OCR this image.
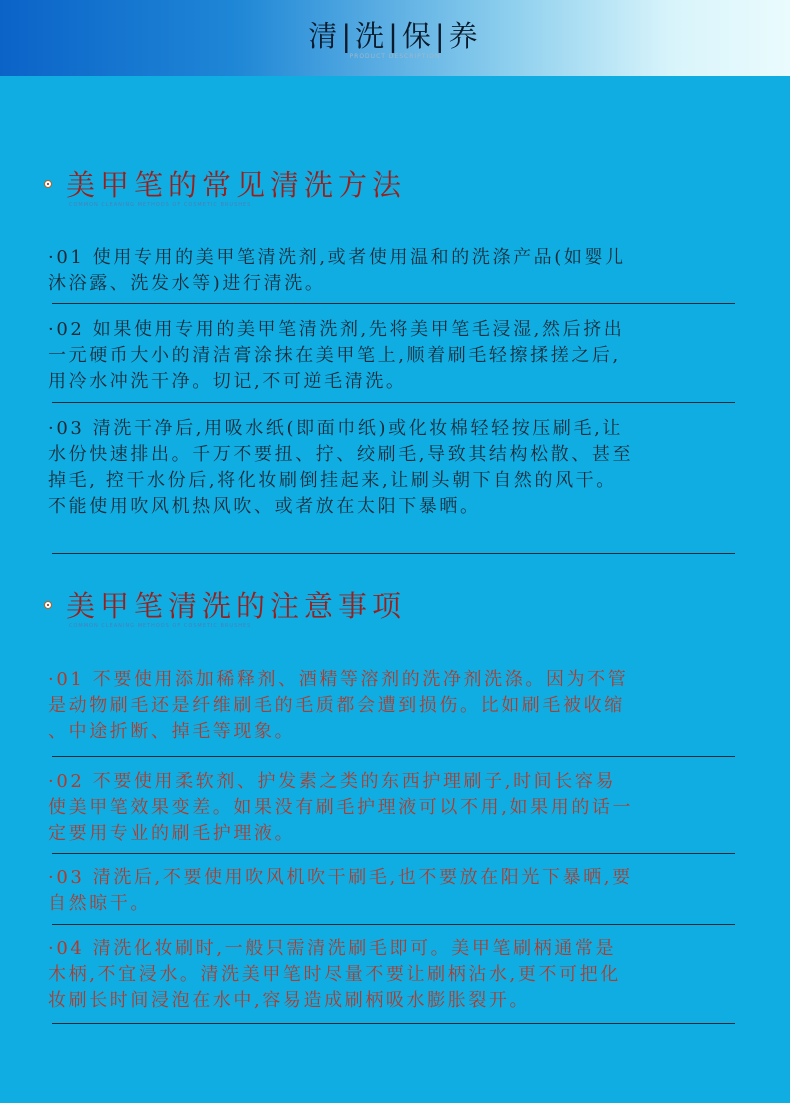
清|洗|保|养
PRODUCT DESCRIPTION
美甲笔的常见清洗方法
COMMON CLEANING METHODS OF COSMETIC BRUSHES
·01 使用专用的美甲笔清洗剂,或者使用温和的洗涤产品(如婴儿
沐浴露、洗发水等)进行清洗。
·02 如果使用专用的美甲笔清洗剂,先将美甲笔毛浸湿,然后挤出
一元硬币大小的清洁膏涂抹在美甲笔上,顺着刷毛轻擦揉搓之后,
用冷水冲洗干净。切记,不可逆毛清洗。
·03 清洗干净后,用吸水纸(即面巾纸)或化妆棉轻轻按压刷毛,让
水份快速排出。千万不要扭、拧、绞刷毛,导致其结构松散、甚至
掉毛, 控干水份后,将化妆刷倒挂起来,让刷头朝下自然的风干。
不能使用吹风机热风吹、或者放在太阳下暴晒。
美甲笔清洗的注意事项
COMMON CLEANING METHODS OF COSMETIC BRUSHES
·01 不要使用添加稀释剂、酒精等溶剂的洗净剂洗涤。因为不管
是动物刷毛还是纤维刷毛的毛质都会遭到损伤。比如刷毛被收缩
、中途折断、掉毛等现象。
·02 不要使用柔软剂、护发素之类的东西护理刷子,时间长容易
使美甲笔效果变差。如果没有刷毛护理液可以不用,如果用的话一
定要用专业的刷毛护理液。
·03 清洗后,不要使用吹风机吹干刷毛,也不要放在阳光下暴晒,要
自然晾干。
·04 清洗化妆刷时,一般只需清洗刷毛即可。美甲笔刷柄通常是
木柄,不宜浸水。清洗美甲笔时尽量不要让刷柄沾水,更不可把化
妆刷长时间浸泡在水中,容易造成刷柄吸水膨胀裂开。
